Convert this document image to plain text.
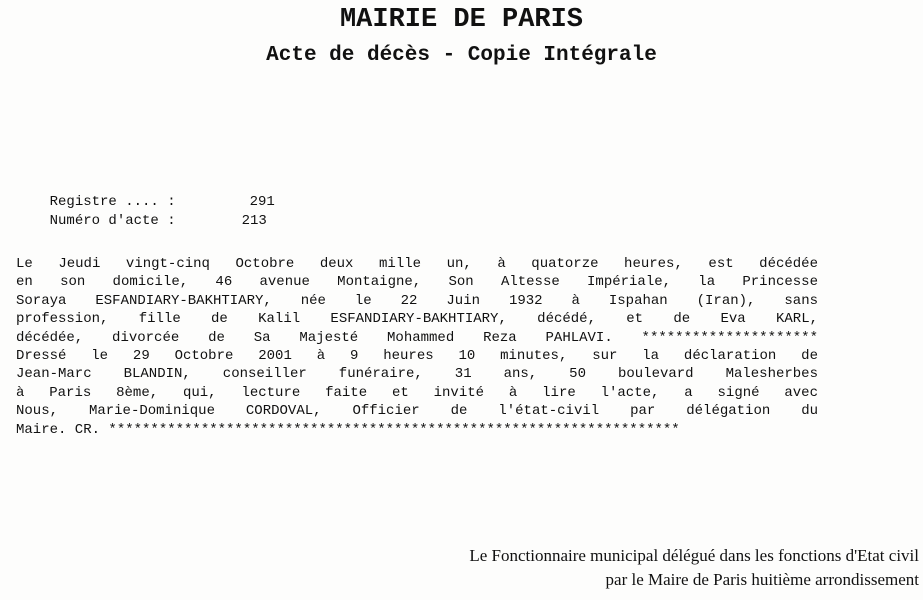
MAIRIE DE PARIS
Acte de décès - Copie Intégrale

Registre .... :	291

Numéro d'acte :	213

Le Jeudi vingt-cinq Octobre deux mille un, à quatorze heures, est décédée
en son domicile, 46 avenue Montaigne, Son Altesse Impériale, la Princesse
Soraya ESFANDIARY-BAKHTIARY, née le 22 Juin 1932 à Ispahan (Iran), sans
profession, fille de Kalil ESFANDIARY-BAKHTIARY, décédé, et de Eva KARL,
décédée, divorcée de Sa Majesté Mohammed Reza PAHLAVI. *********************
Dressé le 29 Octobre 2001 à 9 heures 10 minutes, sur la déclaration de
Jean-Marc BLANDIN, conseiller funéraire, 31 ans, 50 boulevard Malesherbes
à Paris 8ème, qui, lecture faite et invité à lire l'acte, a signé avec
Nous, Marie-Dominique CORDOVAL, Officier de l'état-civil par délégation du
Maire. CR. ********************************************************************
Le Fonctionnaire municipal délégué dans les fonctions d'Etat civil
par le Maire de Paris huitième arrondissement
